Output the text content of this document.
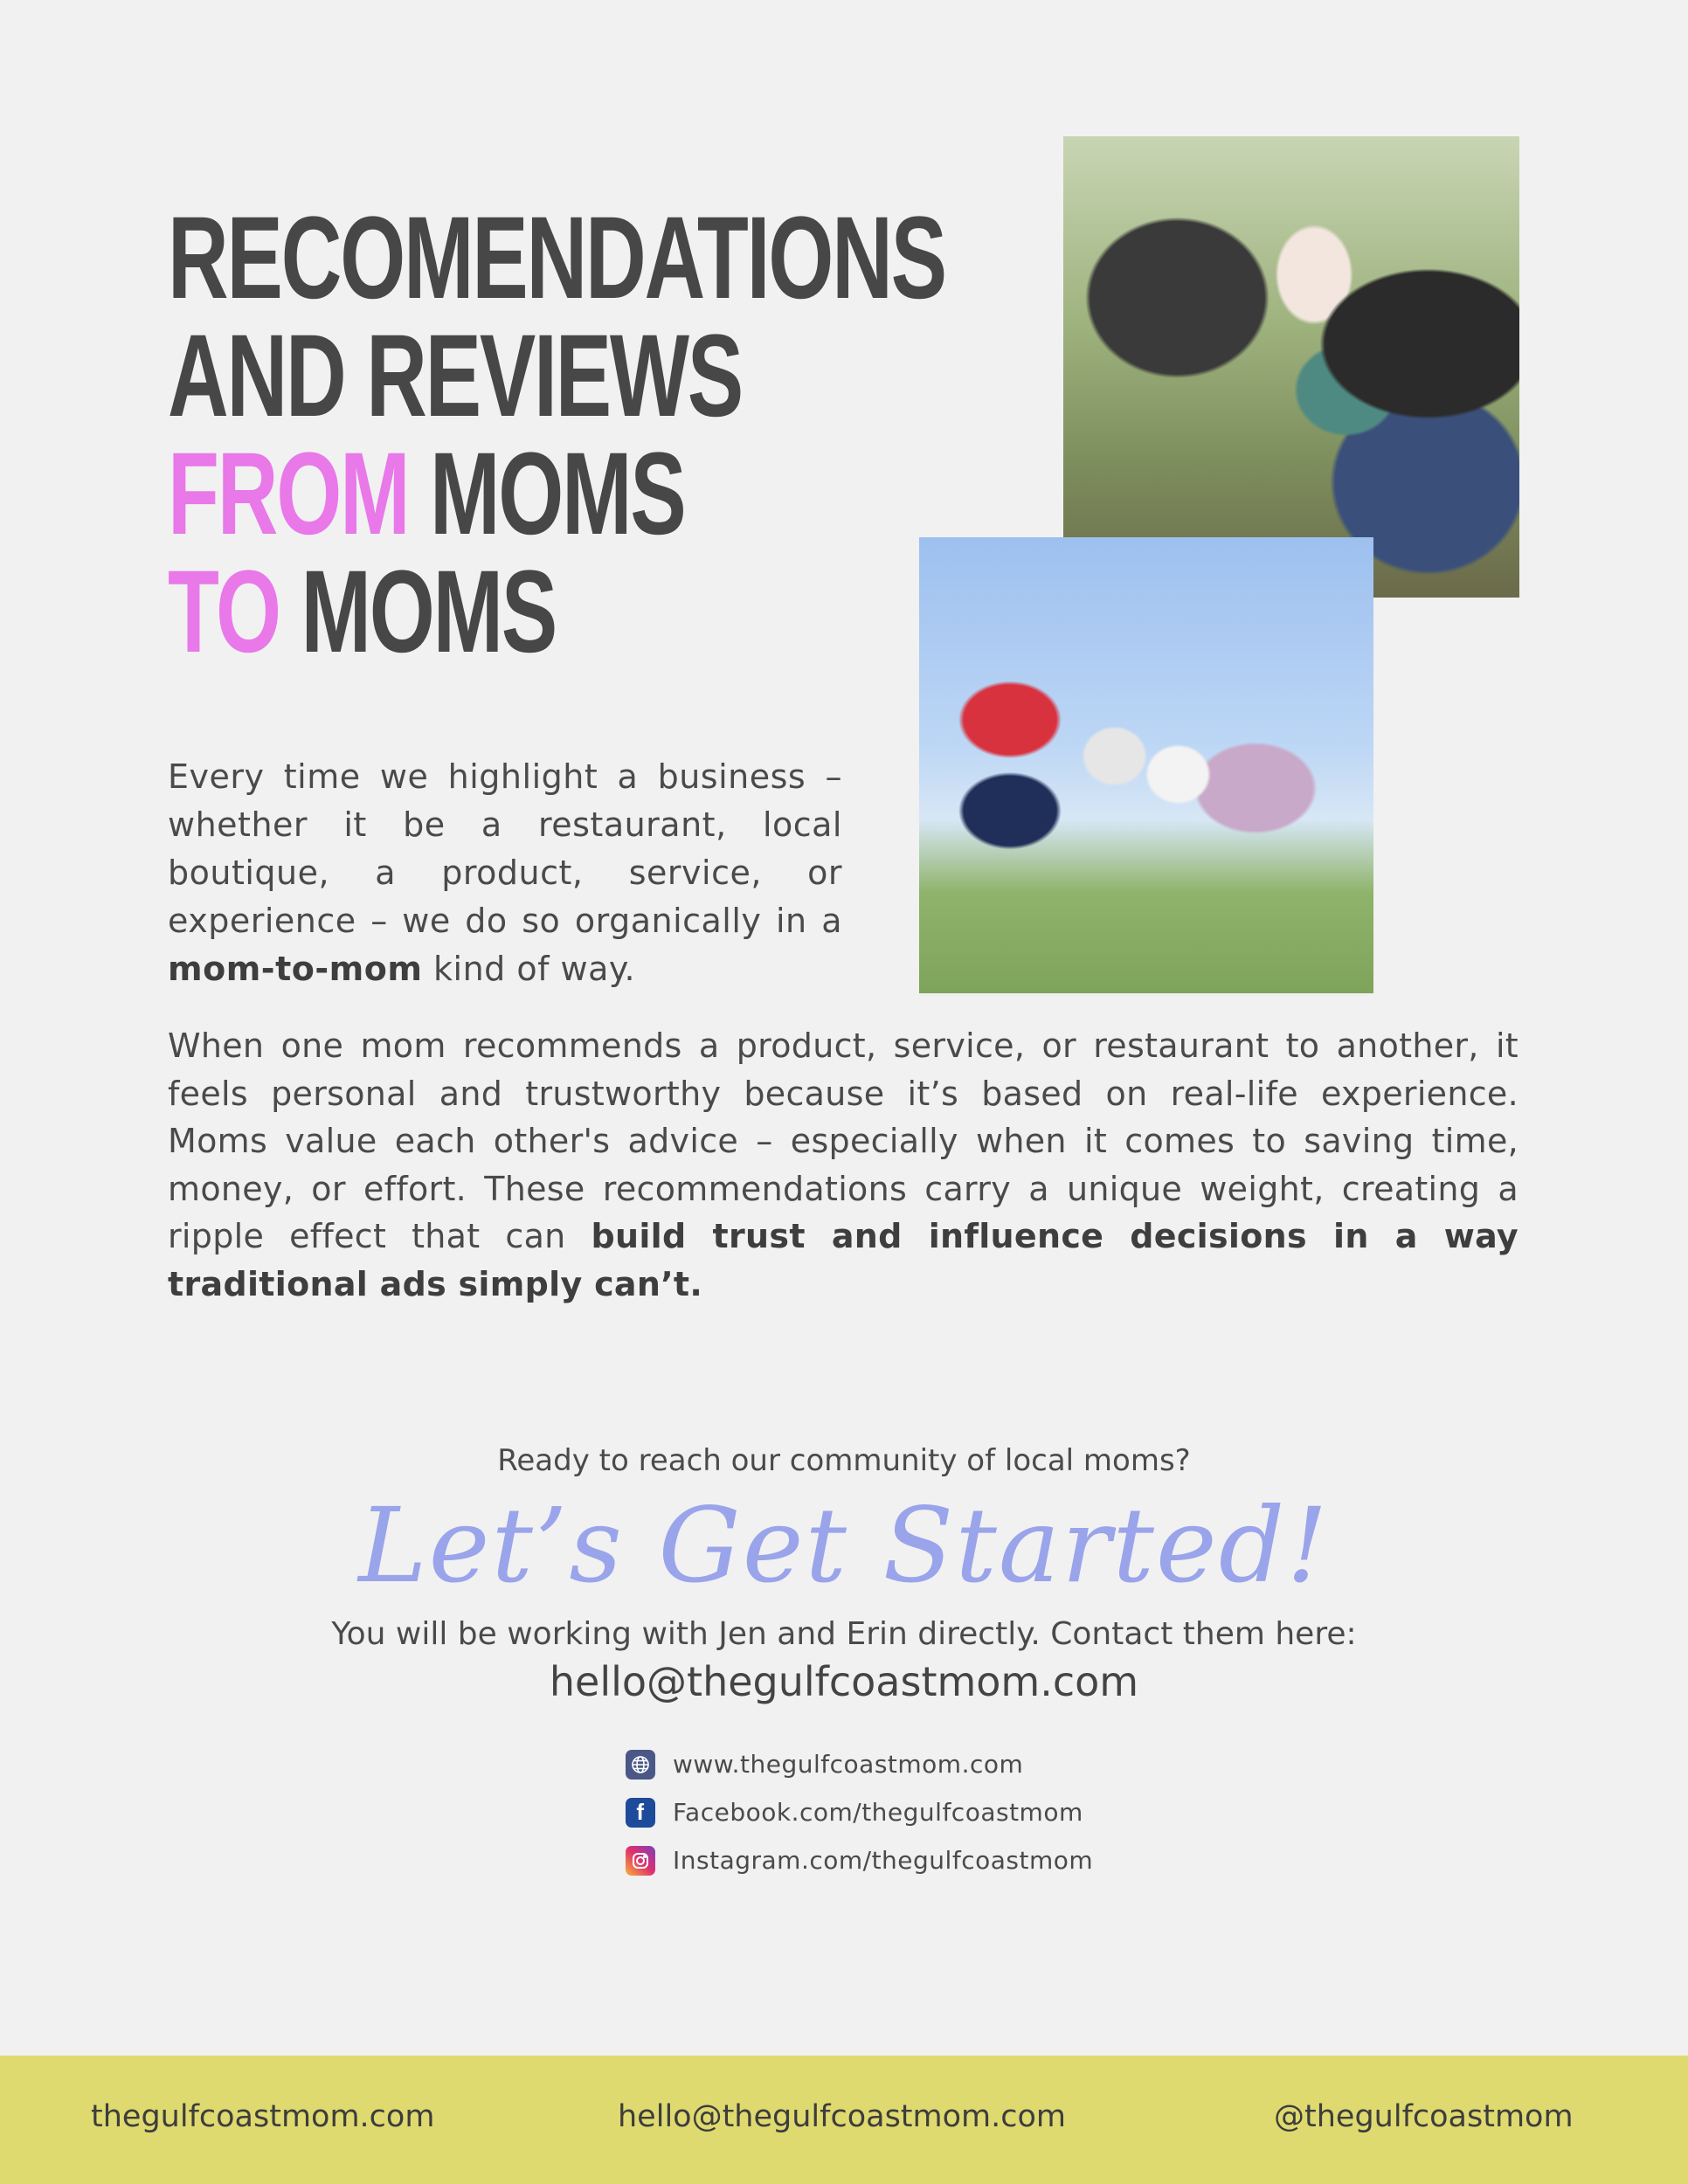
RECOMENDATIONS
AND REVIEWS
FROM MOMS
TO MOMS

Every time we highlight a business – whether it be a restaurant, local boutique, a product, service, or experience – we do so organically in a mom-to-mom kind of way.

When one mom recommends a product, service, or restaurant to another, it feels personal and trustworthy because it’s based on real-life experience. Moms value each other's advice – especially when it comes to saving time, money, or effort. These recommendations carry a unique weight, creating a ripple effect that can build trust and influence decisions in a way traditional ads simply can’t.

Ready to reach our community of local moms?
Let’s Get Started!
You will be working with Jen and Erin directly. Contact them here:
hello@thegulfcoastmom.com
www.thegulfcoastmom.com
f	Facebook.com/thegulfcoastmom
Instagram.com/thegulfcoastmom
thegulfcoastmom.com	hello@thegulfcoastmom.com	@thegulfcoastmom
